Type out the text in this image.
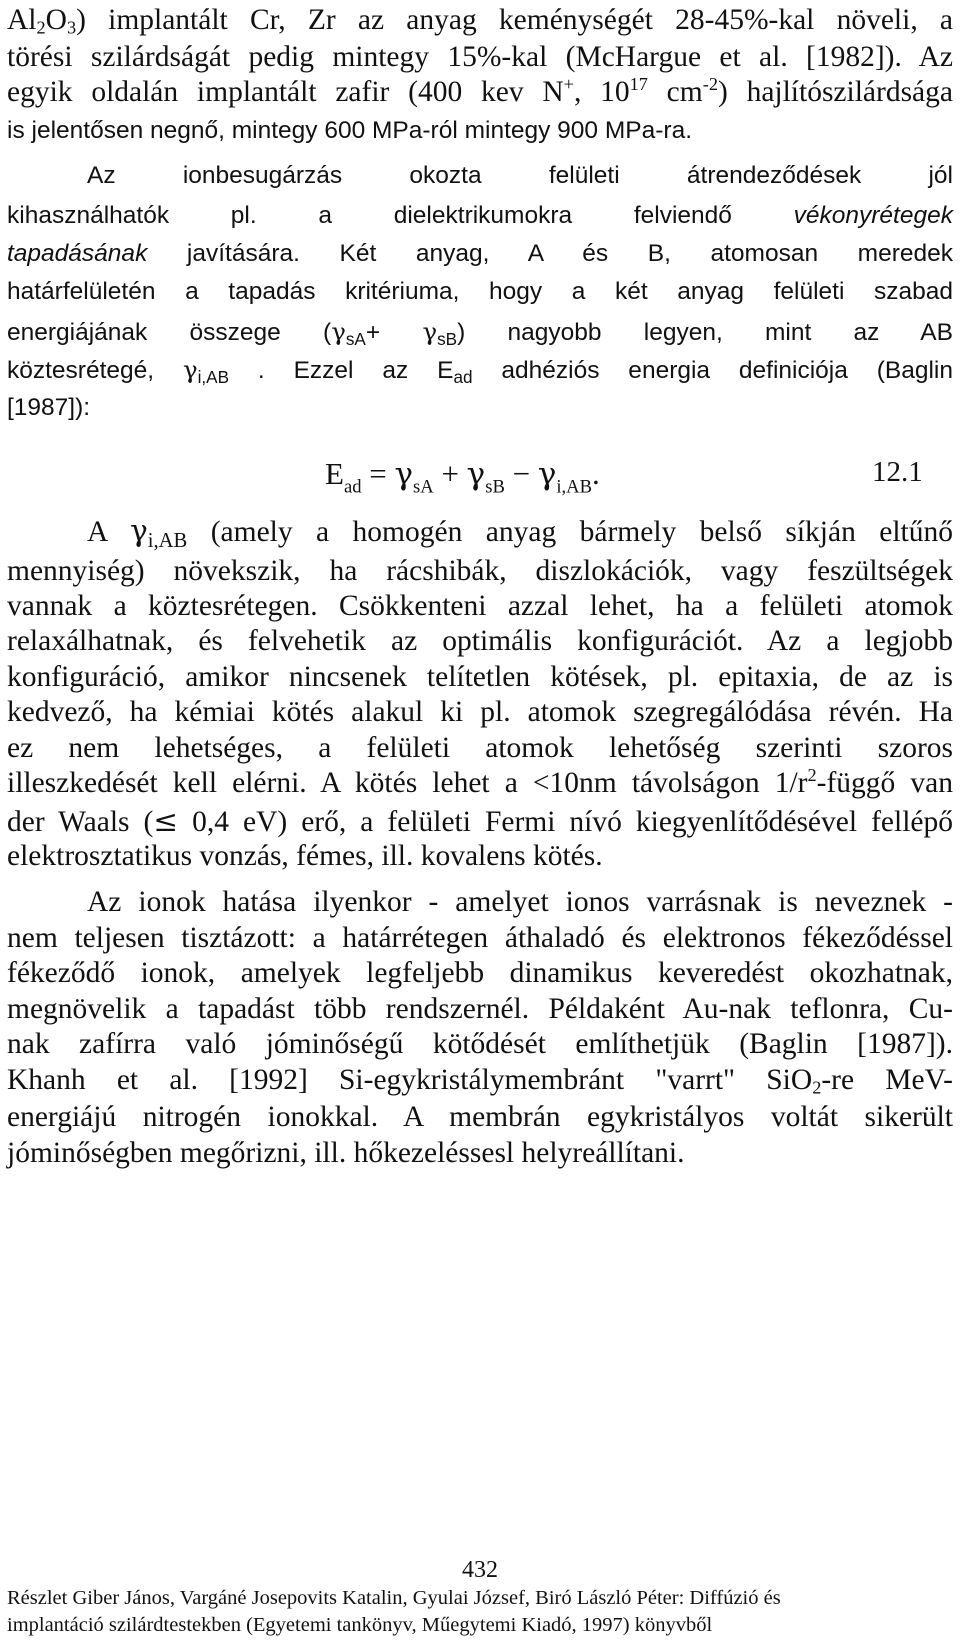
$Al_2O_3$) implantált Cr, Zr az anyag keménységét 28-45%-kal növeli, a
törési szilárdságát pedig mintegy 15%-kal (McHargue et al. [1982]). Az
egyik oldalán implantált zafir (400 kev N+, $10^{17}$ $cm^{-2}$) hajlítószilárdsága
is jelentősen negnő, mintegy 600 MPa-ról mintegy 900 MPa-ra.
Az ionbesugárzás okozta felületi átrendeződések jól
kihasználhatók pl. a dielektrikumokra felviendő vékonyrétegek
tapadásának javítására. Két anyag, A és B, atomosan meredek
határfelületén a tapadás kritériuma, hogy a két anyag felületi szabad
energiájának összege $(\gamma_{sA}+ \gamma_{sB})$ nagyobb legyen, mint az AB
köztesrétegé, $\gamma_{i,AB}$ . Ezzel az $E_{ad}$ adhéziós energia definiciója (Baglin
[1987]):
$E_{ad} = \gamma_{sA} + \gamma_{sB} - \gamma_{i,AB}$.	12.1
A $\gamma_{i,AB}$ (amely a homogén anyag bármely belső síkján eltűnő
mennyiség) növekszik, ha rácshibák, diszlokációk, vagy feszültségek
vannak a köztesrétegen. Csökkenteni azzal lehet, ha a felületi atomok
relaxálhatnak, és felvehetik az optimális konfigurációt. Az a legjobb
konfiguráció, amikor nincsenek telítetlen kötések, pl. epitaxia, de az is
kedvező, ha kémiai kötés alakul ki pl. atomok szegregálódása révén. Ha
ez nem lehetséges, a felületi atomok lehetőség szerinti szoros
illeszkedését kell elérni. A kötés lehet a <10nm távolságon $1/r^2$-függő van
der Waals (≤ 0,4 eV) erő, a felületi Fermi nívó kiegyenlítődésével fellépő
elektrosztatikus vonzás, fémes, ill. kovalens kötés.
Az ionok hatása ilyenkor - amelyet ionos varrásnak is neveznek -
nem teljesen tisztázott: a határrétegen áthaladó és elektronos fékeződéssel
fékeződő ionok, amelyek legfeljebb dinamikus keveredést okozhatnak,
megnövelik a tapadást több rendszernél. Példaként Au-nak teflonra, Cu-
nak zafírra való jóminőségű kötődését említhetjük (Baglin [1987]).
Khanh et al. [1992] Si-egykristálymembránt "varrt" SiO$_2$-re MeV-
energiájú nitrogén ionokkal. A membrán egykristályos voltát sikerült
jóminőségben megőrizni, ill. hőkezeléssesl helyreállítani.
432
Részlet Giber János, Vargáné Josepovits Katalin, Gyulai József, Biró László Péter: Diffúzió és
implantáció szilárdtestekben (Egyetemi tankönyv, Műegytemi Kiadó, 1997) könyvből
